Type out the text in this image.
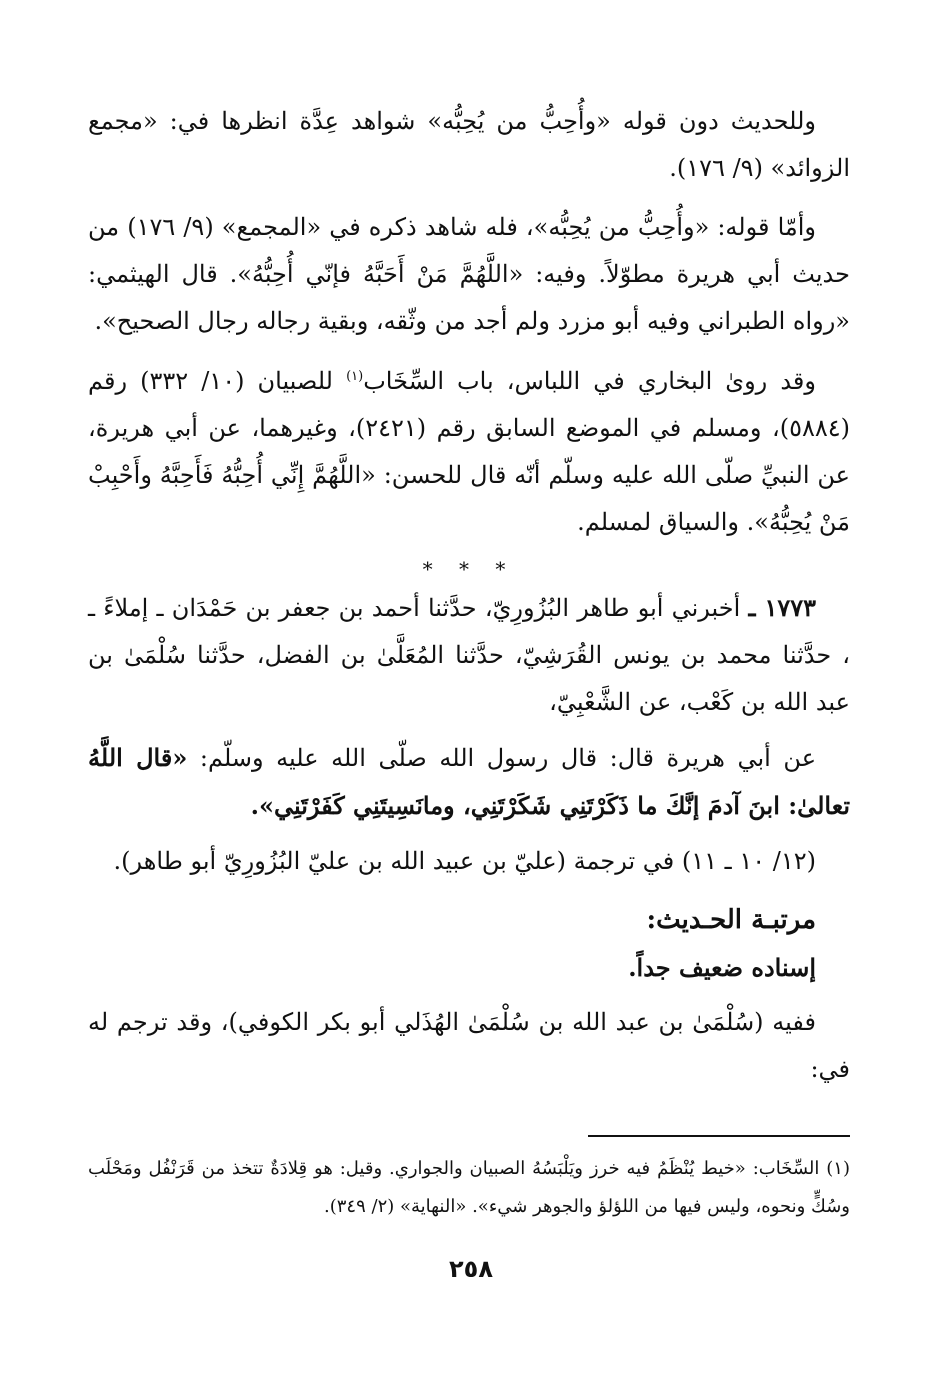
وللحديث دون قوله «وأُحِبُّ من يُحِبُّه» شواهد عِدَّة انظرها في: «مجمع الزوائد» (٩/ ١٧٦).

وأمّا قوله: «وأُحِبُّ من يُحِبُّه»، فله شاهد ذكره في «المجمع» (٩/ ١٧٦) من حديث أبي هريرة مطوّلاً. وفيه: «اللَّهُمَّ مَنْ أَحَبَّهُ فإنّي أُحِبُّهُ». قال الهيثمي: «رواه الطبراني وفيه أبو مزرد ولم أجد من وثّقه، وبقية رجاله رجال الصحيح».

وقد روىٰ البخاري في اللباس، باب السِّخَاب$^{(١)}$ للصبيان (١٠/ ٣٣٢) رقم (٥٨٨٤)، ومسلم في الموضع السابق رقم (٢٤٢١)، وغيرهما، عن أبي هريرة، عن النبيِّ صلّى الله عليه وسلّم أنّه قال للحسن: «اللَّهُمَّ إِنِّي أُحِبُّهُ فَأَحِبَّهُ وأَحْبِبْ مَنْ يُحِبُّهُ». والسياق لمسلم.

* * *

١٧٧٣ ـ أخبرني أبو طاهر البُزُورِيّ، حدَّثنا أحمد بن جعفر بن حَمْدَان ـ إملاءً ـ ، حدَّثنا محمد بن يونس القُرَشِيّ، حدَّثنا المُعَلَّىٰ بن الفضل، حدَّثنا سُلْمَىٰ بن عبد الله بن كَعْب، عن الشَّعْبِيّ،

عن أبي هريرة قال: قال رسول الله صلّى الله عليه وسلّم: «قال اللَّهُ تعالىٰ: ابنَ آدمَ إنَّكَ ما ذَكَرْتَنِي شَكَرْتَنِي، ومانَسِيتَنِي كَفَرْتَنِي».

(١٢/ ١٠ ـ ١١) في ترجمة (عليّ بن عبيد الله بن عليّ البُزُورِيّ أبو طاهر).

مرتبـة الحـديث:
إسناده ضعيف جداً.

ففيه (سُلْمَىٰ بن عبد الله بن سُلْمَىٰ الهُذَلي أبو بكر الكوفي)، وقد ترجم له في:

(١) السِّخَاب: «خيط يُنْظَمُ فيه خرز ويَلْبَسُهُ الصبيان والجواري. وقيل: هو قِلادَةٌ تتخذ من قَرَنْفُل ومَحْلَب وسُكٍّ ونحوه، وليس فيها من اللؤلؤ والجوهر شيء». «النهاية» (٢/ ٣٤٩).
٢٥٨
